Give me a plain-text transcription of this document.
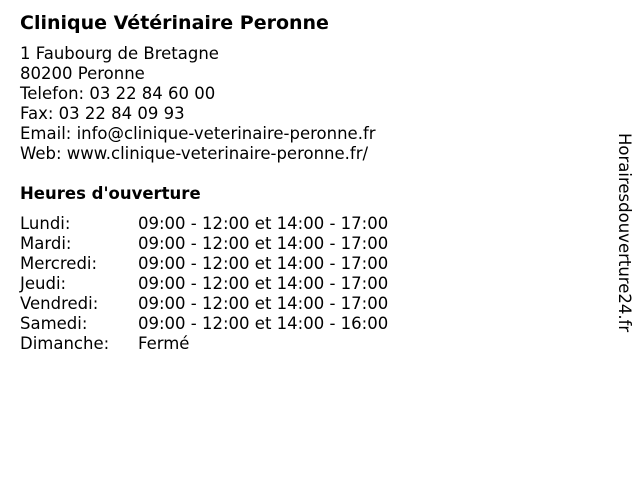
Clinique Vétérinaire Peronne
1 Faubourg de Bretagne
80200 Peronne
Telefon: 03 22 84 60 00
Fax: 03 22 84 09 93
Email: info@clinique-veterinaire-peronne.fr
Web: www.clinique-veterinaire-peronne.fr/
Heures d'ouverture
Lundi:	09:00 - 12:00 et 14:00 - 17:00
Mardi:	09:00 - 12:00 et 14:00 - 17:00
Mercredi: 09:00 - 12:00 et 14:00 - 17:00
Jeudi:	09:00 - 12:00 et 14:00 - 17:00
Vendredi: 09:00 - 12:00 et 14:00 - 17:00
Samedi:	09:00 - 12:00 et 14:00 - 16:00
Dimanche: Fermé
Horairesdouverture24.fr
